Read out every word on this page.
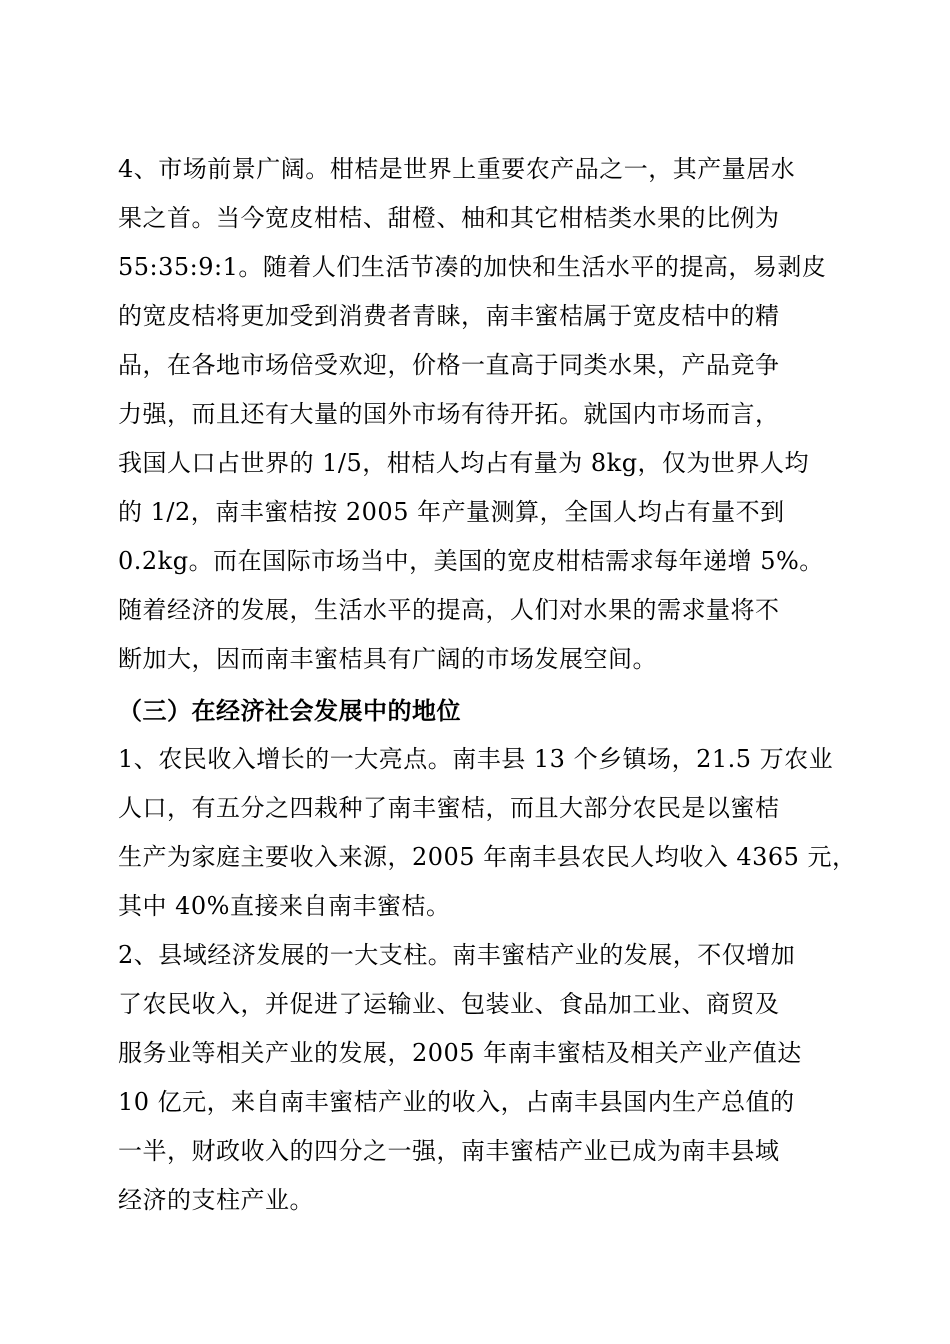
4、市场前景广阔。柑桔是世界上重要农产品之一，其产量居水
果之首。当今宽皮柑桔、甜橙、柚和其它柑桔类水果的比例为
55:35:9:1。随着人们生活节凑的加快和生活水平的提高，易剥皮
的宽皮桔将更加受到消费者青睐，南丰蜜桔属于宽皮桔中的精
品，在各地市场倍受欢迎，价格一直高于同类水果，产品竞争
力强，而且还有大量的国外市场有待开拓。就国内市场而言，
我国人口占世界的 1/5，柑桔人均占有量为 8kg，仅为世界人均
的 1/2，南丰蜜桔按 2005 年产量测算，全国人均占有量不到
0.2kg。而在国际市场当中，美国的宽皮柑桔需求每年递增 5%。
随着经济的发展，生活水平的提高，人们对水果的需求量将不
断加大，因而南丰蜜桔具有广阔的市场发展空间。
（三）在经济社会发展中的地位
1、农民收入增长的一大亮点。南丰县 13 个乡镇场，21.5 万农业
人口，有五分之四栽种了南丰蜜桔，而且大部分农民是以蜜桔
生产为家庭主要收入来源，2005 年南丰县农民人均收入 4365 元，
其中 40%直接来自南丰蜜桔。
2、县域经济发展的一大支柱。南丰蜜桔产业的发展，不仅增加
了农民收入，并促进了运输业、包装业、食品加工业、商贸及
服务业等相关产业的发展，2005 年南丰蜜桔及相关产业产值达
10 亿元，来自南丰蜜桔产业的收入，占南丰县国内生产总值的
一半，财政收入的四分之一强，南丰蜜桔产业已成为南丰县域
经济的支柱产业。
